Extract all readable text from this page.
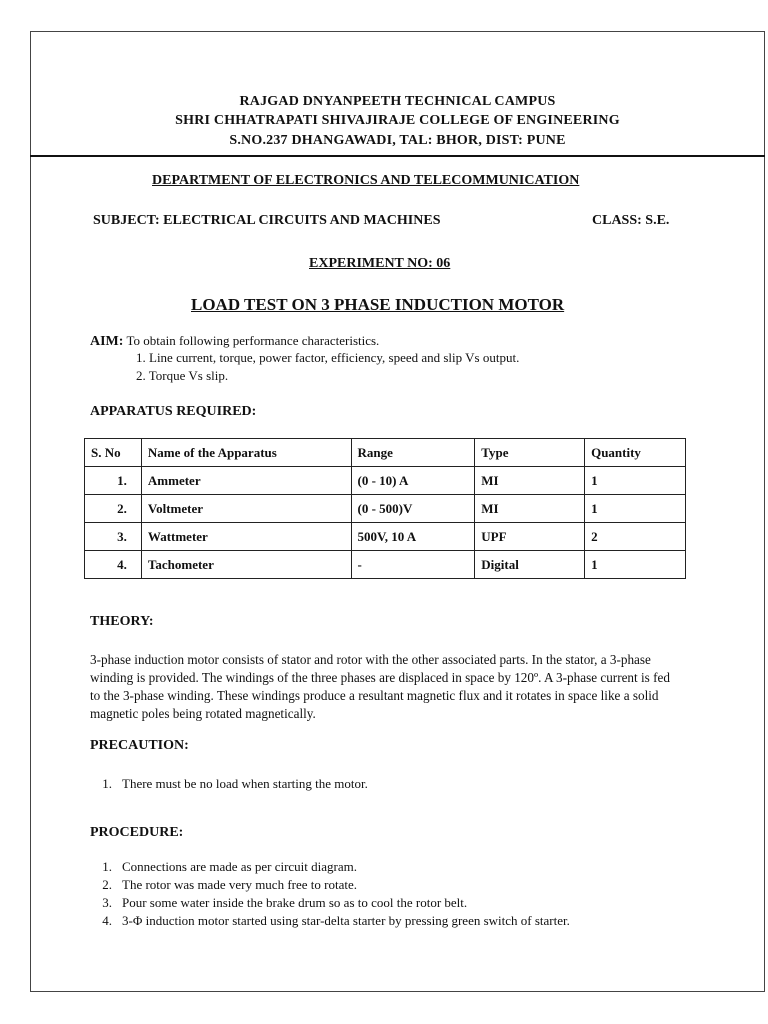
RAJGAD DNYANPEETH TECHNICAL CAMPUS
SHRI CHHATRAPATI SHIVAJIRAJE COLLEGE OF ENGINEERING
S.NO.237 DHANGAWADI, TAL: BHOR, DIST: PUNE
DEPARTMENT OF ELECTRONICS AND TELECOMMUNICATION
SUBJECT: ELECTRICAL CIRCUITS AND MACHINES	CLASS: S.E.
EXPERIMENT NO: 06
LOAD TEST ON 3 PHASE INDUCTION MOTOR
AIM: To obtain following performance characteristics.
1. Line current, torque, power factor, efficiency, speed and slip Vs output.
2. Torque Vs slip.
APPARATUS REQUIRED:
S. No	Name of the Apparatus	Range	Type	Quantity
1.	Ammeter	(0 - 10) A	MI	1
2.	Voltmeter	(0 - 500)V	MI	1
3.	Wattmeter	500V, 10 A	UPF	2
4.	Tachometer	-	Digital	1
THEORY:
3-phase induction motor consists of stator and rotor with the other associated parts. In the stator, a 3-phase winding is provided. The windings of the three phases are displaced in space by 120º. A 3-phase current is fed to the 3-phase winding. These windings produce a resultant magnetic flux and it rotates in space like a solid magnetic poles being rotated magnetically.
PRECAUTION:
1. There must be no load when starting the motor.
PROCEDURE:
1. Connections are made as per circuit diagram.
2. The rotor was made very much free to rotate.
3. Pour some water inside the brake drum so as to cool the rotor belt.
4. 3-Φ induction motor started using star-delta starter by pressing green switch of starter.
